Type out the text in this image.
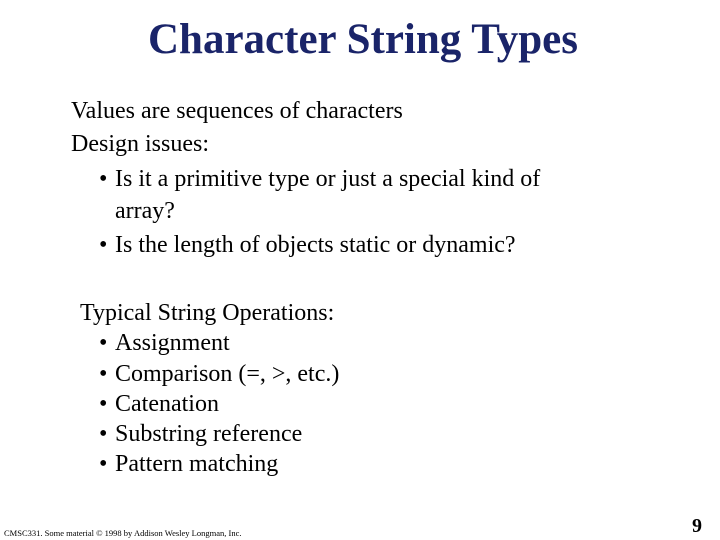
Character String Types
Values are sequences of characters
Design issues:
• Is it a primitive type or just a special kind of
array?
• Is the length of objects static or dynamic?
Typical String Operations:
• Assignment
• Comparison (=, >, etc.)
• Catenation
• Substring reference
• Pattern matching
CMSC331. Some material © 1998 by Addison Wesley Longman, Inc.	9
